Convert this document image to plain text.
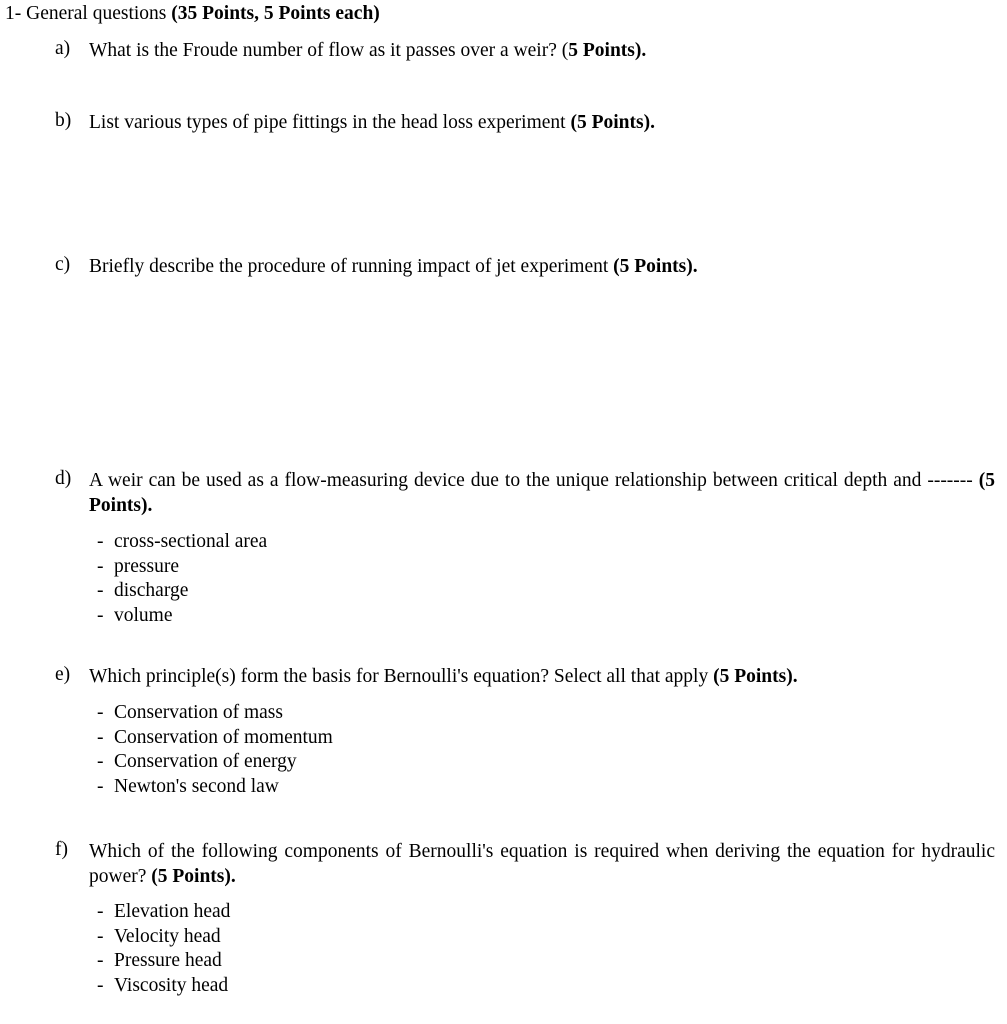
1- General questions (35 Points, 5 Points each)
a) What is the Froude number of flow as it passes over a weir? (5 Points).
b) List various types of pipe fittings in the head loss experiment (5 Points).
c) Briefly describe the procedure of running impact of jet experiment (5 Points).
d) A weir can be used as a flow-measuring device due to the unique relationship between critical depth and ------- (5 Points).
- cross-sectional area
- pressure
- discharge
- volume
e) Which principle(s) form the basis for Bernoulli's equation? Select all that apply (5 Points).
- Conservation of mass
- Conservation of momentum
- Conservation of energy
- Newton's second law
f) Which of the following components of Bernoulli's equation is required when deriving the equation for hydraulic power? (5 Points).
- Elevation head
- Velocity head
- Pressure head
- Viscosity head
